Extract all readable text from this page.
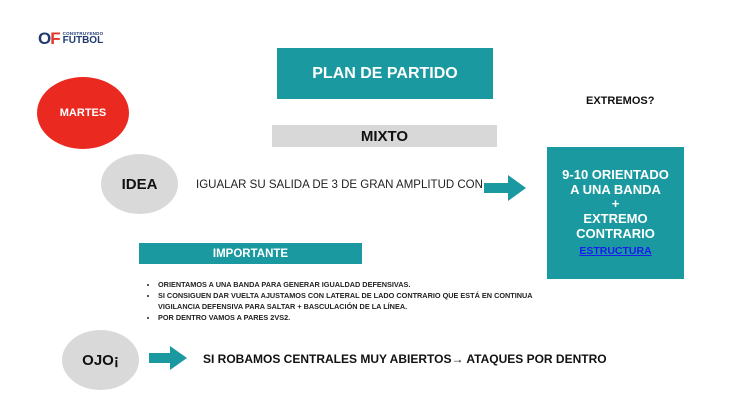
OF CONSTRUYENDO
FUTBOL
PLAN DE PARTIDO
MARTES
EXTREMOS?
MIXTO
IDEA	IGUALAR SU SALIDA DE 3 DE GRAN AMPLITUD CON
9-10 ORIENTADO
A UNA BANDA
+
EXTREMO
CONTRARIO
ESTRUCTURA
IMPORTANTE
• ORIENTAMOS A UNA BANDA PARA GENERAR IGUALDAD DEFENSIVAS.
• SI CONSIGUEN DAR VUELTA AJUSTAMOS CON LATERAL DE LADO CONTRARIO QUE ESTÁ EN CONTINUA VIGILANCIA DEFENSIVA PARA SALTAR + BASCULACIÓN DE LA LÍNEA.
• POR DENTRO VAMOS A PARES 2VS2.
OJO¡	SI ROBAMOS CENTRALES MUY ABIERTOS→ ATAQUES POR DENTRO
